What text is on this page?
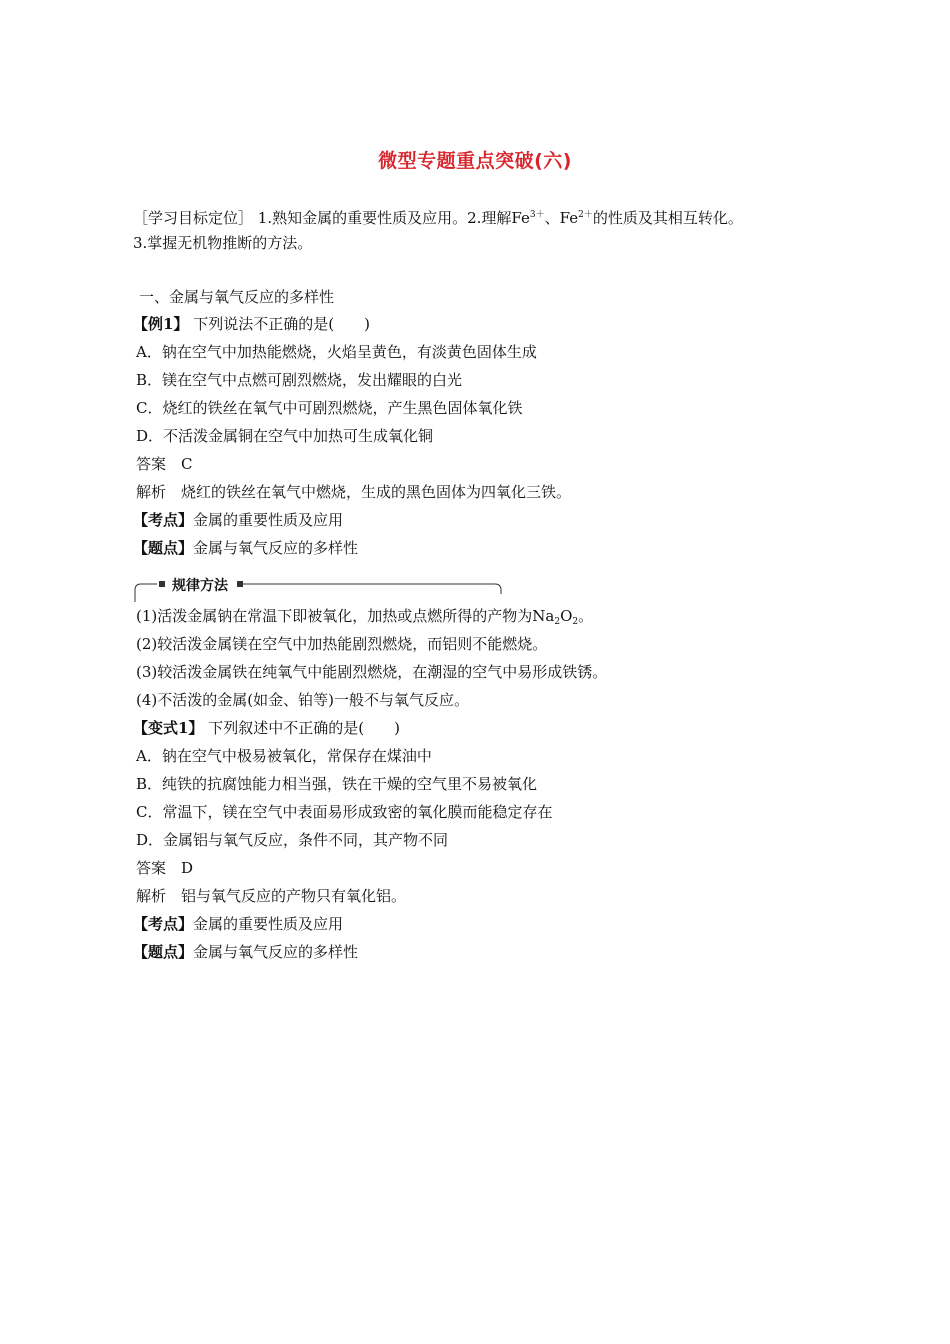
微型专题重点突破(六)
［学习目标定位］ 1.熟知金属的重要性质及应用。2.理解$Fe^{3+}$、$Fe^{2+}$的性质及其相互转化。
3.掌握无机物推断的方法。
一、金属与氧气反应的多样性
【例1】 下列说法不正确的是(　　)
A．钠在空气中加热能燃烧，火焰呈黄色，有淡黄色固体生成
B．镁在空气中点燃可剧烈燃烧，发出耀眼的白光
C．烧红的铁丝在氧气中可剧烈燃烧，产生黑色固体氧化铁
D．不活泼金属铜在空气中加热可生成氧化铜
答案　C
解析　烧红的铁丝在氧气中燃烧，生成的黑色固体为四氧化三铁。
【考点】金属的重要性质及应用
【题点】金属与氧气反应的多样性
规律方法
(1)活泼金属钠在常温下即被氧化，加热或点燃所得的产物为$Na_2O_2$。
(2)较活泼金属镁在空气中加热能剧烈燃烧，而铝则不能燃烧。
(3)较活泼金属铁在纯氧气中能剧烈燃烧，在潮湿的空气中易形成铁锈。
(4)不活泼的金属(如金、铂等)一般不与氧气反应。
【变式1】 下列叙述中不正确的是(　　)
A．钠在空气中极易被氧化，常保存在煤油中
B．纯铁的抗腐蚀能力相当强，铁在干燥的空气里不易被氧化
C．常温下，镁在空气中表面易形成致密的氧化膜而能稳定存在
D．金属铝与氧气反应，条件不同，其产物不同
答案　D
解析　铝与氧气反应的产物只有氧化铝。
【考点】金属的重要性质及应用
【题点】金属与氧气反应的多样性
